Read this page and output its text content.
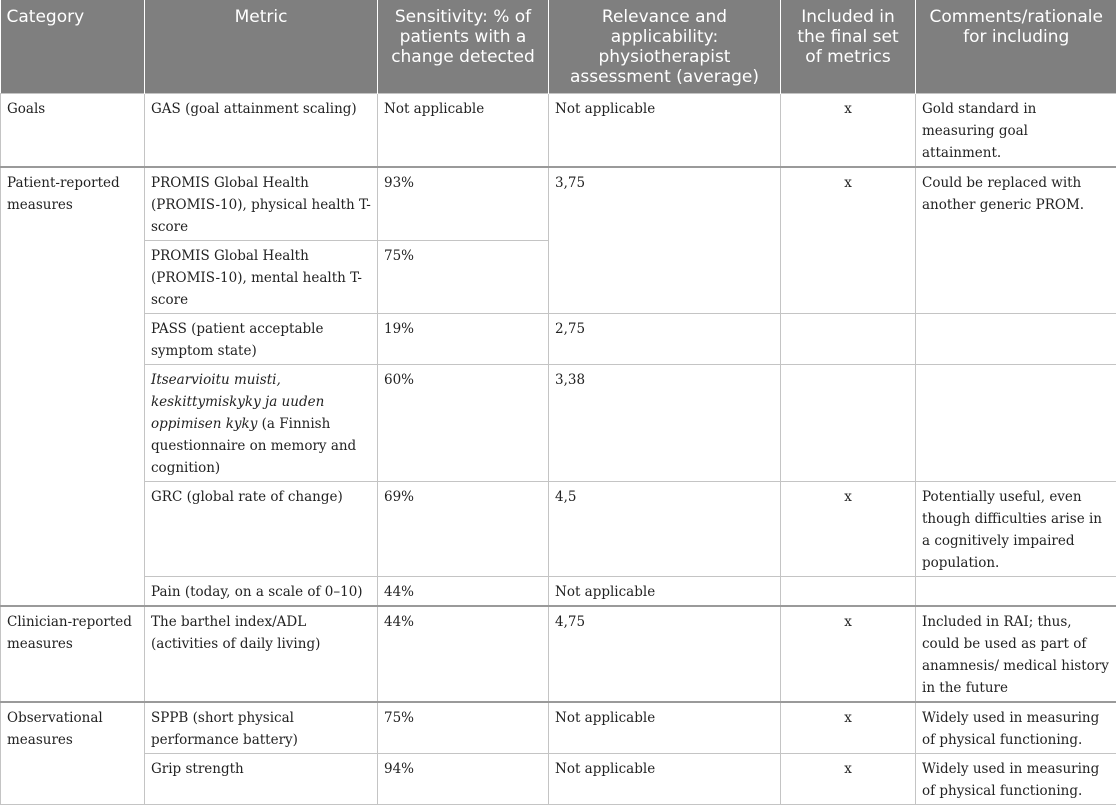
Category	Metric	Sensitivity: % of patients with a change detected	Relevance and applicability: physiotherapist assessment (average)	Included in the final set of metrics	Comments/rationale for including
Goals	GAS (goal attainment scaling)	Not applicable	Not applicable	x	Gold standard in measuring goal attainment.
Patient-reported measures	PROMIS Global Health (PROMIS-10), physical health T-score	93%	3,75	x	Could be replaced with another generic PROM.
	PROMIS Global Health (PROMIS-10), mental health T-score	75%			
	PASS (patient acceptable symptom state)	19%	2,75		
	Itsearvioitu muisti, keskittymiskyky ja uuden oppimisen kyky (a Finnish questionnaire on memory and cognition)	60%	3,38		
	GRC (global rate of change)	69%	4,5	x	Potentially useful, even though difficulties arise in a cognitively impaired population.
	Pain (today, on a scale of 0–10)	44%	Not applicable		
Clinician-reported measures	The barthel index/ADL (activities of daily living)	44%	4,75	x	Included in RAI; thus, could be used as part of anamnesis/ medical history in the future
Observational measures	SPPB (short physical performance battery)	75%	Not applicable	x	Widely used in measuring of physical functioning.
	Grip strength	94%	Not applicable	x	Widely used in measuring of physical functioning.
